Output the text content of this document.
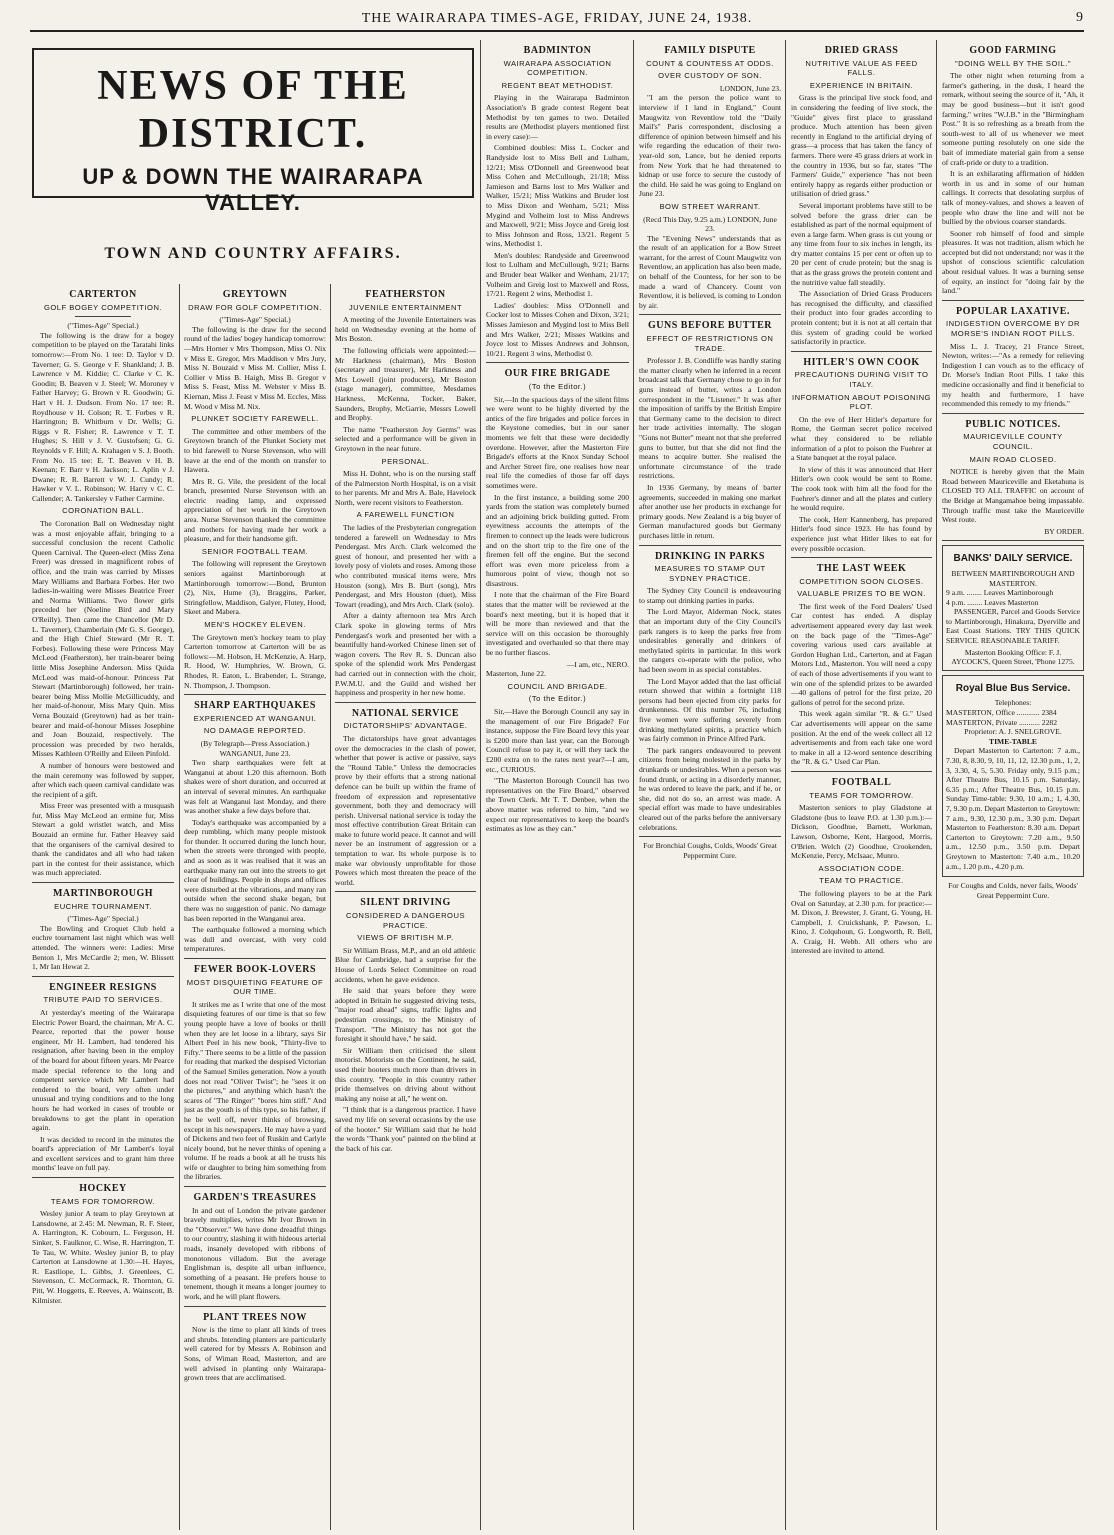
THE WAIRARAPA TIMES-AGE, FRIDAY, JUNE 24, 1938.	9
NEWS OF THE DISTRICT.
UP & DOWN THE WAIRARAPA VALLEY.
TOWN AND COUNTRY AFFAIRS.
CARTERTON
GOLF BOGEY COMPETITION.
("Times-Age" Special.)

The following is the draw for a bogey competition to be played on the Taratahi links tomorrow:—From No. 1 tee: D. Taylor v D. Taverner; G. S. George v F. Shankland; J. B. Lawrence v M. Kiddie; C. Clarke v C. K. Goodin; B. Beaven v J. Steel; W. Moroney v Father Harvey; G. Brown v R. Goodwin; G. Hart v H. J. Dudson. From No. 17 tee: R. Roydhouse v H. Colson; R. T. Forbes v R. Harrington; B. Whitburn v Dr. Wells; G. Riggs v R. Fisher; R. Lawrence v T. T. Hughes; S. Hill v J. V. Gustofsen; G. G. Reynolds v F. Hill; A. Krahagen v S. J. Booth. From No. 15 tee: E. T. Beaven v H. B. Keenan; F. Barr v H. Jackson; L. Aplin v J. Dwane; R. R. Barrett v W. J. Cundy; R. Hawker v V. L. Robinson; W. Harry v C. C. Callender; A. Tankersley v Father Carmine.

CORONATION BALL.

The Coronation Ball on Wednesday night was a most enjoyable affair, bringing to a successful conclusion the recent Catholic Queen Carnival. The Queen-elect (Miss Zena Freer) was dressed in magnificent robes of office, and the train was carried by Misses Mary Williams and Barbara Forbes. Her two ladies-in-waiting were Misses Beatrice Freer and Norma Williams. Two flower girls preceded her (Noeline Bird and Mary O'Reilly). Then came the Chancellor (Mr D. L. Taverner), Chamberlain (Mr G. S. George), and the High Chief Steward (Mr R. T. Forbes). Following these were Princess May McLeod (Featherston), her train-bearer being little Miss Josephine Anderson. Miss Quida McLeod was maid-of-honour. Princess Pat Stewart (Martinborough) followed, her train-bearer being Miss Mollie McGillicuddy, and her maid-of-honour, Miss Mary Quin. Miss Verna Bouzaid (Greytown) had as her train-bearer and maid-of-honour Misses Josephine and Joan Bouzaid, respectively. The procession was preceded by two heralds, Misses Kathleen O'Reilly and Eileen Pinfold.

A number of honours were bestowed and the main ceremony was followed by supper, after which each queen carnival candidate was the recipient of a gift.

Miss Freer was presented with a musquash fur, Miss May McLeod an ermine fur, Miss Stewart a gold wristlet watch, and Miss Bouzaid an ermine fur. Father Heavey said that the organisers of the carnival desired to thank the candidates and all who had taken part in the contest for their assistance, which was much appreciated.

MARTINBOROUGH
EUCHRE TOURNAMENT.
("Times-Age" Special.)

The Bowling and Croquet Club held a euchre tournament last night which was well attended. The winners were: Ladies: Mrse Benton 1, Mrs McCardle 2; men, W. Blissett 1, Mr Ian Hewat 2.

ENGINEER RESIGNS
TRIBUTE PAID TO SERVICES.

At yesterday's meeting of the Wairarapa Electric Power Board, the chairman, Mr A. C. Pearce, reported that the power house engineer, Mr H. Lambert, had tendered his resignation, after having been in the employ of the board for about fifteen years. Mr Pearce made special reference to the long and competent service which Mr Lambert had rendered to the board, very often under unusual and trying conditions and to the long hours he had worked in cases of trouble or breakdowns to get the plant in operation again.

It was decided to record in the minutes the board's appreciation of Mr Lambert's loyal and excellent services and to grant him three months' leave on full pay.

HOCKEY
TEAMS FOR TOMORROW.

Wesley junior A team to play Greytown at Lansdowne, at 2.45: M. Newman, R. F. Steer, A. Harrington, K. Cobourn, L. Ferguson, H. Sinker, S. Faulknor, C. Wise, R. Harrington, T. Te Tau, W. White. Wesley junior B, to play Carterton at Lansdowne at 1.30:—H. Hayes, R. Eastliope, L. Gibbs, J. Greenlees, C. Stevenson, C. McCormack, R. Thornton, G. Pitt, W. Hoggetts, E. Reeves, A. Wainscott, B. Kilmister.

GREYTOWN
DRAW FOR GOLF COMPETITION.
("Times-Age" Special.)

The following is the draw for the second round of the ladies' bogey handicap tomorrow:—Mrs Horner v Mrs Thompson, Miss O. Nix v Miss E. Gregor, Mrs Maddison v Mrs Jury, Miss N. Bouzaid v Miss M. Collier, Miss I. Collier v Miss B. Haigh, Miss B. Gregor v Miss S. Feast, Miss M. Webster v Miss B. Kiernan, Miss J. Feast v Miss M. Eccles, Miss M. Wood v Miss M. Nix.

PLUNKET SOCIETY FAREWELL.

The committee and other members of the Greytown branch of the Plunket Society met to bid farewell to Nurse Stevenson, who will leave at the end of the month on transfer to Hawera.

Mrs R. G. Vile, the president of the local branch, presented Nurse Stevenson with an electric reading lamp, and expressed appreciation of her work in the Greytown area. Nurse Stevenson thanked the committee and mothers for having made her work a pleasure, and for their handsome gift.

SENIOR FOOTBALL TEAM.

The following will represent the Greytown seniors against Martinborough at Martinborough tomorrow:—Bond, Brunton (2), Nix, Hume (3), Braggins, Parker, Stringfellow, Maddison, Galyer, Flutey, Hood, Skeet and Mabera.

MEN'S HOCKEY ELEVEN.

The Greytown men's hockey team to play Carterton tomorrow at Carterton will be as follows:—M. Hobson, H. McKenzie, A. Harp, R. Hood, W. Humphries, W. Brown, G. Rhodes, R. Eaton, L. Brabender, L. Strange, N. Thompson, J. Thompson.

SHARP EARTHQUAKES
EXPERIENCED AT WANGANUI.
NO DAMAGE REPORTED.
(By Telegraph—Press Association.) WANGANUI, June 23.

Two sharp earthquakes were felt at Wanganui at about 1.20 this afternoon. Both shakes were of short duration, and occurred at an interval of several minutes. An earthquake was felt at Wanganui last Monday, and there was another shake a few days before that.

Today's earthquake was accompanied by a deep rumbling, which many people mistook for thunder. It occurred during the lunch hour, when the streets were thronged with people, and as soon as it was realised that it was an earthquake many ran out into the streets to get clear of buildings. People in shops and offices were disturbed at the vibrations, and many ran outside when the second shake began, but there was no suggestion of panic. No damage has been reported in the Wanganui area.

The earthquake followed a morning which was dull and overcast, with very cold temperatures.

FEWER BOOK-LOVERS
MOST DISQUIETING FEATURE OF OUR TIME.

It strikes me as I write that one of the most disquieting features of our time is that so few young people have a love of books or thrill when they are let loose in a library, says Sir Albert Peel in his new book, "Thirty-five to Fifty." There seems to be a little of the passion for reading that marked the despised Victorian of the Samuel Smiles generation. Now a youth does not read "Oliver Twist"; he "sees it on the pictures," and anything which hasn't the scares of "The Ringer" "bores him stiff." And just as the youth is of this type, so his father, if he be well off, never thinks of browsing, except in his newspapers. He may have a yard of Dickens and two feet of Ruskin and Carlyle nicely bound, but he never thinks of opening a volume. If he reads a book at all he trusts his wife or daughter to bring him something from the libraries.

GARDEN'S TREASURES

In and out of London the private gardener bravely multiplies, writes Mr Ivor Brown in the "Observer." We have done dreadful things to our country, slashing it with hideous arterial roads, insanely developed with ribbons of monotonous villadom. But the average Englishman is, despite all urban influence, something of a peasant. He prefers house to tenement, though it means a longer journey to work, and he will plant flowers.

PLANT TREES NOW

Now is the time to plant all kinds of trees and shrubs. Intending planters are particularly well catered for by Messrs A. Robinson and Sons, of Wiman Road, Masterton, and are well advised in planting only Wairarapa-grown trees that are acclimatised.

FEATHERSTON
JUVENILE ENTERTAINMENT

A meeting of the Juvenile Entertainers was held on Wednesday evening at the home of Mrs Boston.

The following officials were appointed:—Mr Harkness (chairman), Mrs Boston (secretary and treasurer), Mr Harkness and Mrs Lowell (joint producers), Mr Boston (stage manager), committee, Mesdames Harkness, McKenna, Tocker, Baker, Saunders, Brophy, McGarrie, Messrs Lowell and Brophy.

The name "Featherston Joy Germs" was selected and a performance will be given in Greytown in the near future.

PERSONAL.

Miss H. Dohnt, who is on the nursing staff of the Palmerston North Hospital, is on a visit to her parents. Mr and Mrs A. Bale, Havelock North, were recent visitors to Featherston.

A FAREWELL FUNCTION

The ladies of the Presbyterian congregation tendered a farewell on Wednesday to Mrs Pendergast. Mrs Arch. Clark welcomed the guest of honour, and presented her with a lovely posy of violets and roses. Among those who contributed musical items were, Mrs Houston (song), Mrs B. Burt (song), Mrs Pendergast, and Mrs Houston (duet), Miss Towart (reading), and Mrs Arch. Clark (solo).

After a dainty afternoon tea Mrs Arch Clark spoke in glowing terms of Mrs Pendergast's work and presented her with a beautifully hand-worked Chinese linen set of wagon covers. The Rev R. S. Duncan also spoke of the splendid work Mrs Pendergast had carried out in connection with the choir, P.W.M.U. and the Guild and wished her happiness and prosperity in her new home.

NATIONAL SERVICE
DICTATORSHIPS' ADVANTAGE.

The dictatorships have great advantages over the democracies in the clash of power, whether that power is active or passive, says the "Round Table." Unless the democracies prove by their efforts that a strong national defence can be built up within the frame of freedom of expression and representative government, both they and democracy will perish. Universal national service is today the most effective contribution Great Britain can make to future world peace. It cannot and will never be an instrument of aggression or a temptation to war. Its whole purpose is to make war obviously unprofitable for those Powers which most threaten the peace of the world.

SILENT DRIVING
CONSIDERED A DANGEROUS PRACTICE.
VIEWS OF BRITISH M.P.

Sir William Brass, M.P., and an old athletic Blue for Cambridge, had a surprise for the House of Lords Select Committee on road accidents, when he gave evidence.

He said that years before they were adopted in Britain he suggested driving tests, "major road ahead" signs, traffic lights and pedestrian crossings, to the Ministry of Transport. "The Ministry has not got the foresight it should have," he said.

Sir William then criticised the silent motorist. Motorists on the Continent, he said, used their hooters much more than drivers in this country. "People in this country rather pride themselves on driving about without making any noise at all," he went on.

"I think that is a dangerous practice. I have saved my life on several occasions by the use of the hooter." Sir William said that he hold the words "Thank you" painted on the blind at the back of his car.

BADMINTON
WAIRARAPA ASSOCIATION COMPETITION.
REGENT BEAT METHODIST.

Playing in the Wairarapa Badminton Association's B grade contest Regent beat Methodist by ten games to two. Detailed results are (Methodist players mentioned first in every case):—

Combined doubles: Miss L. Cocker and Randyside lost to Miss Bell and Lulham, 12/21; Miss O'Donnell and Greenwood beat Miss Cohen and McCullough, 21/18; Miss Jamieson and Barns lost to Mrs Walker and Walker, 15/21; Miss Watkins and Bruder lost to Miss Dixon and Wenham, 5/21; Miss Mygind and Volheim lost to Miss Andrews and Maxwell, 9/21; Miss Joyce and Greig lost to Miss Johnson and Ross, 13/21. Regent 5 wins, Methodist 1.

Men's doubles: Randyside and Greenwood lost to Lulham and McCullough, 9/21; Barns and Bruder beat Walker and Wenham, 21/17; Volheim and Greig lost to Maxwell and Ross, 17/21. Regent 2 wins, Methodist 1.

Ladies' doubles: Miss O'Donnell and Cocker lost to Misses Cohen and Dixon, 3/21; Misses Jamieson and Mygind lost to Miss Bell and Mrs Walker, 2/21; Misses Watkins and Joyce lost to Misses Andrews and Johnson, 10/21. Regent 3 wins, Methodist 0.

OUR FIRE BRIGADE
(To the Editor.)

Sir,—In the spacious days of the silent films we were wont to be highly diverted by the antics of the fire brigades and police forces in the Keystone comedies, but in our saner moments we felt that these were decidedly overdone. However, after the Masterton Fire Brigade's efforts at the Knox Sunday School and Archer Street fire, one realises how near real life the comedies of those far off days sometimes were.

In the first instance, a building some 200 yards from the station was completely burned and an adjoining brick building gutted. From eyewitness accounts the attempts of the firemen to connect up the leads were ludicrous and on the short trip to the fire one of the firemen fell off the engine. But the second effort was even more priceless from a humorous point of view, though not so disastrous.

I note that the chairman of the Fire Board states that the matter will be reviewed at the board's next meeting, but it is hoped that it will be more than reviewed and that the service will on this occasion be thoroughly investigated and overhauled so that there may be no further fiascos.

—I am, etc., NERO.
Masterton, June 22.
COUNCIL AND BRIGADE.
(To the Editor.)

Sir,—Have the Borough Council any say in the management of our Fire Brigade? For instance, suppose the Fire Board levy this year is £200 more than last year, can the Borough Council refuse to pay it, or will they tack the £200 extra on to the rates next year?—I am, etc., CURIOUS.

"The Masterton Borough Council has two representatives on the Fire Board," observed the Town Clerk. Mr T. T. Denbee, when the above matter was referred to him, "and we expect our representatives to keep the board's estimates as low as they can."

FAMILY DISPUTE
COUNT & COUNTESS AT ODDS.
OVER CUSTODY OF SON.
LONDON, June 23.

"I am the person the police want to interview if I land in England," Count Maugwitz von Reventlow told the "Daily Mail's" Paris correspondent, disclosing a difference of opinion between himself and his wife regarding the education of their two-year-old son, Lance, but he denied reports from New York that he had threatened to kidnap or use force to secure the custody of the child. He said he was going to England on June 23.

BOW STREET WARRANT.
(Recd This Day, 9.25 a.m.) LONDON, June 23.

The "Evening News" understands that as the result of an application for a Bow Street warrant, for the arrest of Count Maugwitz von Reventlow, an application has also been made, on behalf of the Countess, for her son to be made a ward of Chancery. Count von Reventlow, it is believed, is coming to London by air.

GUNS BEFORE BUTTER
EFFECT OF RESTRICTIONS ON TRADE.

Professor J. B. Condliffe was hardly stating the matter clearly when he inferred in a recent broadcast talk that Germany chose to go in for guns instead of butter, writes a London correspondent in the "Listener." It was after the imposition of tariffs by the British Empire that Germany came to the decision to direct her trade activities internally. The slogan "Guns not Butter" meant not that she preferred guns to butter, but that she did not find the means to acquire butter. She realised the unfortunate circumstance of the trade restrictions.

In 1936 Germany, by means of barter agreements, succeeded in making one market after another use her products in exchange for primary goods. New Zealand is a big buyer of German manufactured goods but Germany purchases little in return.

DRINKING IN PARKS
MEASURES TO STAMP OUT SYDNEY PRACTICE.

The Sydney City Council is endeavouring to stamp out drinking parties in parks.

The Lord Mayor, Alderman Nock, states that an important duty of the City Council's park rangers is to keep the parks free from undesirables generally and drinkers of methylated spirits in particular. In this work the rangers co-operate with the police, who had been sworn in as special constables.

The Lord Mayor added that the last official return showed that within a fortnight 118 persons had been ejected from city parks for drunkenness. Of this number 76, including five women were suffering severely from drinking methylated spirits, a practice which was fairly common in Prince Alfred Park.

The park rangers endeavoured to prevent citizens from being molested in the parks by drunkards or undesirables. When a person was found drunk, or acting in a disorderly manner, he was ordered to leave the park, and if he, or she, did not do so, an arrest was made. A special effort was made to have undesirables cleared out of the parks before the anniversary celebrations.

For Bronchial Coughs, Colds, Woods' Great Peppermint Cure.
DRIED GRASS
NUTRITIVE VALUE AS FEED FALLS.
EXPERIENCE IN BRITAIN.

Grass is the principal live stock food, and in considering the feeding of live stock, the "Guide" gives first place to grassland produce. Much attention has been given recently in England to the artificial drying of grass—a process that has taken the fancy of farmers. There were 45 grass driers at work in the country in 1936, but so far, states "The Farmers' Guide," experience "has not been entirely happy as regards either production or utilisation of dried grass."

Several important problems have still to be solved before the grass drier can be established as part of the normal equipment of even a large farm. When grass is cut young or any time from four to six inches in length, its dry matter contains 15 per cent or often up to 20 per cent of crude protein; but the snag is that as the grass grows the protein content and the nutritive value fall steadily.

The Association of Dried Grass Producers has recognised the difficulty, and classified their product into four grades according to protein content; but it is not at all certain that this system of grading could be worked satisfactorily in practice.

HITLER'S OWN COOK
PRECAUTIONS DURING VISIT TO ITALY.
INFORMATION ABOUT POISONING PLOT.

On the eve of Herr Hitler's departure for Rome, the German secret police received what they considered to be reliable information of a plot to poison the Fuehrer at a State banquet at the royal palace.

In view of this it was announced that Herr Hitler's own cook would be sent to Rome. The cook took with him all the food for the Fuehrer's dinner and all the plates and cutlery he would require.

The cook, Herr Kannenberg, has prepared Hitler's food since 1923. He has found by experience just what Hitler likes to eat for every possible occasion.

THE LAST WEEK
COMPETITION SOON CLOSES.
VALUABLE PRIZES TO BE WON.

The first week of the Ford Dealers' Used Car contest has ended. A display advertisement appeared every day last week on the back page of the "Times-Age" covering various used cars available at Gordon Hughan Ltd., Carterton, and at Fagan Motors Ltd., Masterton. You will need a copy of each of those advertisements if you want to win one of the splendid prizes to be awarded—40 gallons of petrol for the first prize, 20 gallons of petrol for the second prize.

This week again similar "R. & G." Used Car advertisements will appear on the same position. At the end of the week collect all 12 advertisements and from each take one word to make in all a 12-word sentence describing the "R. & G." Used Car Plan.

FOOTBALL
TEAMS FOR TOMORROW.

Masterton seniors to play Gladstone at Gladstone (bus to leave P.O. at 1.30 p.m.):—Dickson, Goodhue, Barnett, Workman, Lawson, Osborne, Kent, Hargood, Morris, O'Brien. Welch (2) Goodhue, Crookenden, McKenzie, Percy, McIsaac, Munro.

ASSOCIATION CODE.
TEAM TO PRACTICE.

The following players to be at the Park Oval on Saturday, at 2.30 p.m. for practice:—M. Dixon, J. Brewster, J. Grant, G. Young, H. Campbell, J. Cruickshank, P. Pawson, L. Kino, J. Colquhoun, G. Longworth, R. Bell, A. Craig, H. Webb. All others who are interested are invited to attend.

GOOD FARMING
"DOING WELL BY THE SOIL."

The other night when returning from a farmer's gathering, in the dusk, I heard the remark, without seeing the source of it, "Ah, it may be good business—but it isn't good farming," writes "W.J.B." in the "Birmingham Post." It is so refreshing as a breath from the south-west to all of us whenever we meet someone putting resolutely on one side the bait of immediate material gain from a sense of craft-pride or duty to a tradition.

It is an exhilarating affirmation of hidden worth in us and in some of our human callings. It corrects that desolating surplus of talk of money-values, and shows a leaven of people who draw the line and will not be bullied by the obvious coarser standards.

Sooner rob himself of food and simple pleasures. It was not tradition, alism which he accepted but did not understand; nor was it the upshot of conscious scientific calculation about residual values. It was a burning sense of equity, an instinct for "doing fair by the land."

POPULAR LAXATIVE.
INDIGESTION OVERCOME BY DR MORSE'S INDIAN ROOT PILLS.

Miss L. J. Tracey, 21 France Street, Newton, writes:—"As a remedy for relieving Indigestion I can vouch as to the efficacy of Dr. Morse's Indian Root Pills. I take this medicine occasionally and find it beneficial to my health and furthermore, I have recommended this remedy to my friends."

PUBLIC NOTICES.
MAURICEVILLE COUNTY COUNCIL.
MAIN ROAD CLOSED.

NOTICE is hereby given that the Main Road between Mauriceville and Eketahuna is CLOSED TO ALL TRAFFIC on account of the Bridge at Mangamahoe being impassable. Through traffic must take the Mauriceville West route.

BY ORDER.
BANKS' DAILY SERVICE.
BETWEEN MARTINBOROUGH AND MASTERTON.
9 a.m. ........ Leaves Martinborough
4 p.m. ........ Leaves Masterton

PASSENGER, Parcel and Goods Service to Martinborough, Hinakura, Dyerville and East Coast Stations. TRY THIS QUICK SERVICE. REASONABLE TARIFF.

Masterton Booking Office: F. J. AYCOCK'S, Queen Street, 'Phone 1275.
Royal Blue Bus Service.
Telephones:
MASTERTON, Office ............ 2384
MASTERTON, Private ........... 2282
Proprietor: A. J. SNELGROVE.
TIME-TABLE

Depart Masterton to Carterton: 7 a.m., 7.30, 8, 8.30, 9, 10, 11, 12, 12.30 p.m., 1, 2, 3, 3.30, 4, 5, 5.30. Friday only, 9.15 p.m.; After Theatre Bus, 10.15 p.m. Saturday, 6.35 p.m.; After Theatre Bus, 10.15 p.m. Sunday Time-table: 9.30, 10 a.m.; 1, 4.30, 7, 9.30 p.m. Depart Masterton to Greytown: 7 a.m., 9.30, 12.30 p.m., 3.30 p.m. Depart Masterton to Featherston: 8.30 a.m. Depart Carterton to Greytown: 7.20 a.m., 9.50 a.m., 12.50 p.m., 3.50 p.m. Depart Greytown to Masterton: 7.40 a.m., 10.20 a.m., 1.20 p.m., 4.20 p.m.

For Coughs and Colds, never fails, Woods' Great Peppermint Cure.
